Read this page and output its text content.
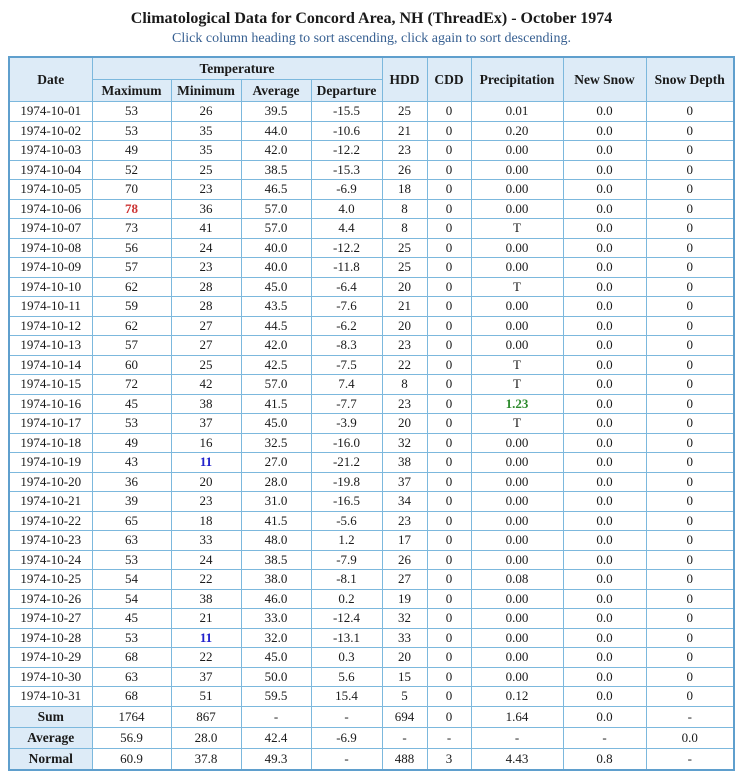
Climatological Data for Concord Area, NH (ThreadEx) - October 1974
Click column heading to sort ascending, click again to sort descending.
Date	Temperature				HDD	CDD	Precipitation	New Snow	Snow Depth
	Maximum	Minimum	Average	Departure					
1974-10-01	53	26	39.5	-15.5	25	0	0.01	0.0	0
1974-10-02	53	35	44.0	-10.6	21	0	0.20	0.0	0
1974-10-03	49	35	42.0	-12.2	23	0	0.00	0.0	0
1974-10-04	52	25	38.5	-15.3	26	0	0.00	0.0	0
1974-10-05	70	23	46.5	-6.9	18	0	0.00	0.0	0
1974-10-06	78	36	57.0	4.0	8	0	0.00	0.0	0
1974-10-07	73	41	57.0	4.4	8	0	T	0.0	0
1974-10-08	56	24	40.0	-12.2	25	0	0.00	0.0	0
1974-10-09	57	23	40.0	-11.8	25	0	0.00	0.0	0
1974-10-10	62	28	45.0	-6.4	20	0	T	0.0	0
1974-10-11	59	28	43.5	-7.6	21	0	0.00	0.0	0
1974-10-12	62	27	44.5	-6.2	20	0	0.00	0.0	0
1974-10-13	57	27	42.0	-8.3	23	0	0.00	0.0	0
1974-10-14	60	25	42.5	-7.5	22	0	T	0.0	0
1974-10-15	72	42	57.0	7.4	8	0	T	0.0	0
1974-10-16	45	38	41.5	-7.7	23	0	1.23	0.0	0
1974-10-17	53	37	45.0	-3.9	20	0	T	0.0	0
1974-10-18	49	16	32.5	-16.0	32	0	0.00	0.0	0
1974-10-19	43	11	27.0	-21.2	38	0	0.00	0.0	0
1974-10-20	36	20	28.0	-19.8	37	0	0.00	0.0	0
1974-10-21	39	23	31.0	-16.5	34	0	0.00	0.0	0
1974-10-22	65	18	41.5	-5.6	23	0	0.00	0.0	0
1974-10-23	63	33	48.0	1.2	17	0	0.00	0.0	0
1974-10-24	53	24	38.5	-7.9	26	0	0.00	0.0	0
1974-10-25	54	22	38.0	-8.1	27	0	0.08	0.0	0
1974-10-26	54	38	46.0	0.2	19	0	0.00	0.0	0
1974-10-27	45	21	33.0	-12.4	32	0	0.00	0.0	0
1974-10-28	53	11	32.0	-13.1	33	0	0.00	0.0	0
1974-10-29	68	22	45.0	0.3	20	0	0.00	0.0	0
1974-10-30	63	37	50.0	5.6	15	0	0.00	0.0	0
1974-10-31	68	51	59.5	15.4	5	0	0.12	0.0	0
Sum	1764	867	-	-	694	0	1.64	0.0	-
Average	56.9	28.0	42.4	-6.9	-	-	-	-	0.0
Normal	60.9	37.8	49.3	-	488	3	4.43	0.8	-
